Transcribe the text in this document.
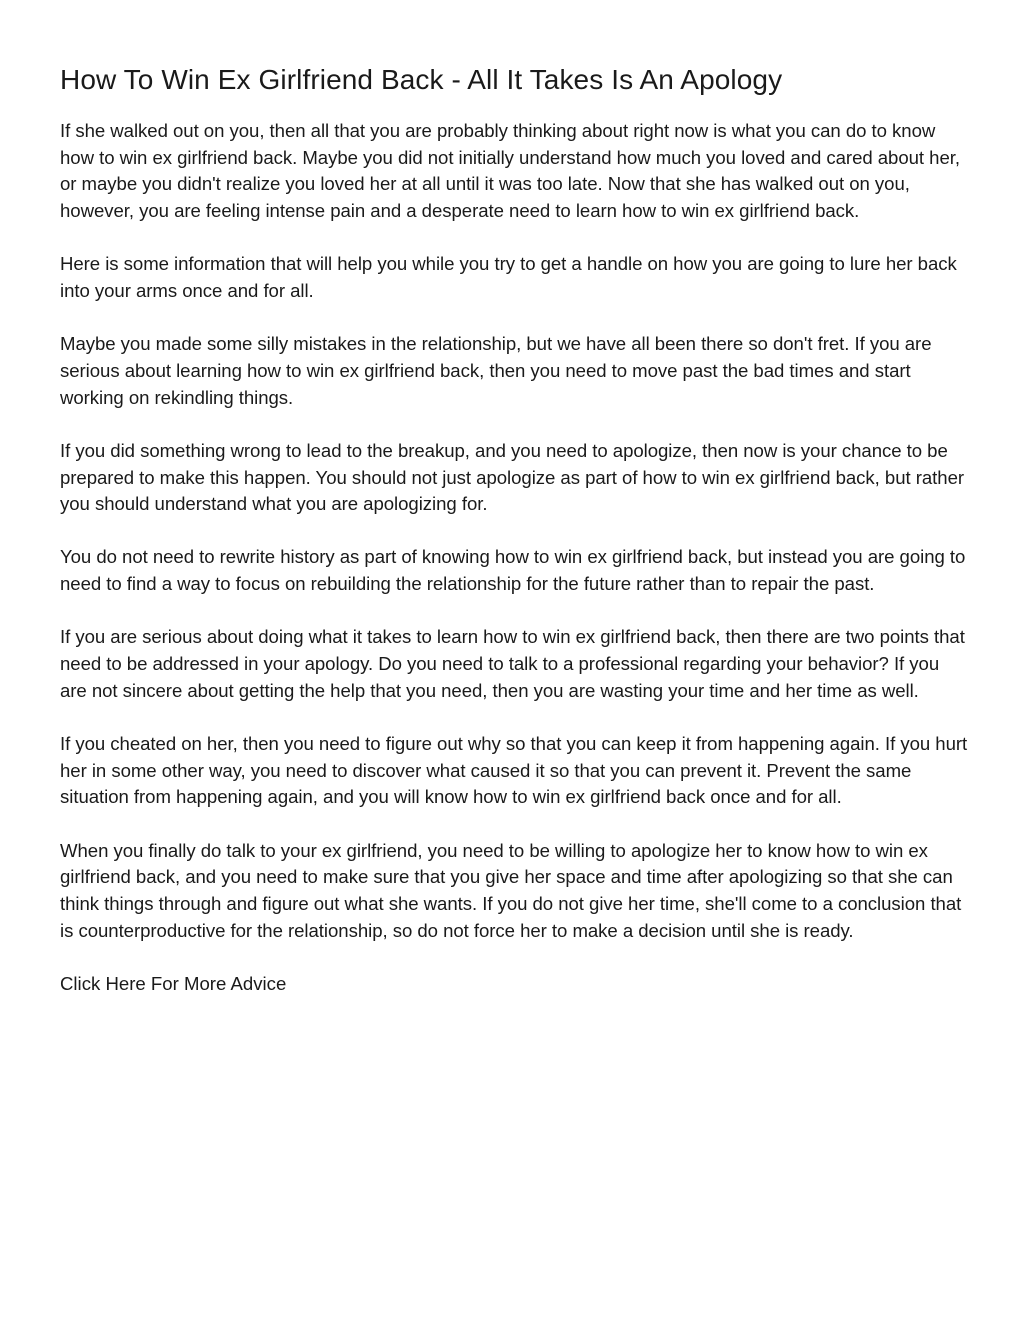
How To Win Ex Girlfriend Back - All It Takes Is An Apology

If she walked out on you, then all that you are probably thinking about right now is what you can do to know how to win ex girlfriend back. Maybe you did not initially understand how much you loved and cared about her, or maybe you didn't realize you loved her at all until it was too late. Now that she has walked out on you, however, you are feeling intense pain and a desperate need to learn how to win ex girlfriend back.

Here is some information that will help you while you try to get a handle on how you are going to lure her back into your arms once and for all.

Maybe you made some silly mistakes in the relationship, but we have all been there so don't fret. If you are serious about learning how to win ex girlfriend back, then you need to move past the bad times and start working on rekindling things.

If you did something wrong to lead to the breakup, and you need to apologize, then now is your chance to be prepared to make this happen. You should not just apologize as part of how to win ex girlfriend back, but rather you should understand what you are apologizing for.

You do not need to rewrite history as part of knowing how to win ex girlfriend back, but instead you are going to need to find a way to focus on rebuilding the relationship for the future rather than to repair the past.

If you are serious about doing what it takes to learn how to win ex girlfriend back, then there are two points that need to be addressed in your apology. Do you need to talk to a professional regarding your behavior? If you are not sincere about getting the help that you need, then you are wasting your time and her time as well.

If you cheated on her, then you need to figure out why so that you can keep it from happening again. If you hurt her in some other way, you need to discover what caused it so that you can prevent it. Prevent the same situation from happening again, and you will know how to win ex girlfriend back once and for all.

When you finally do talk to your ex girlfriend, you need to be willing to apologize her to know how to win ex girlfriend back, and you need to make sure that you give her space and time after apologizing so that she can think things through and figure out what she wants. If you do not give her time, she'll come to a conclusion that is counterproductive for the relationship, so do not force her to make a decision until she is ready.

Click Here For More Advice
